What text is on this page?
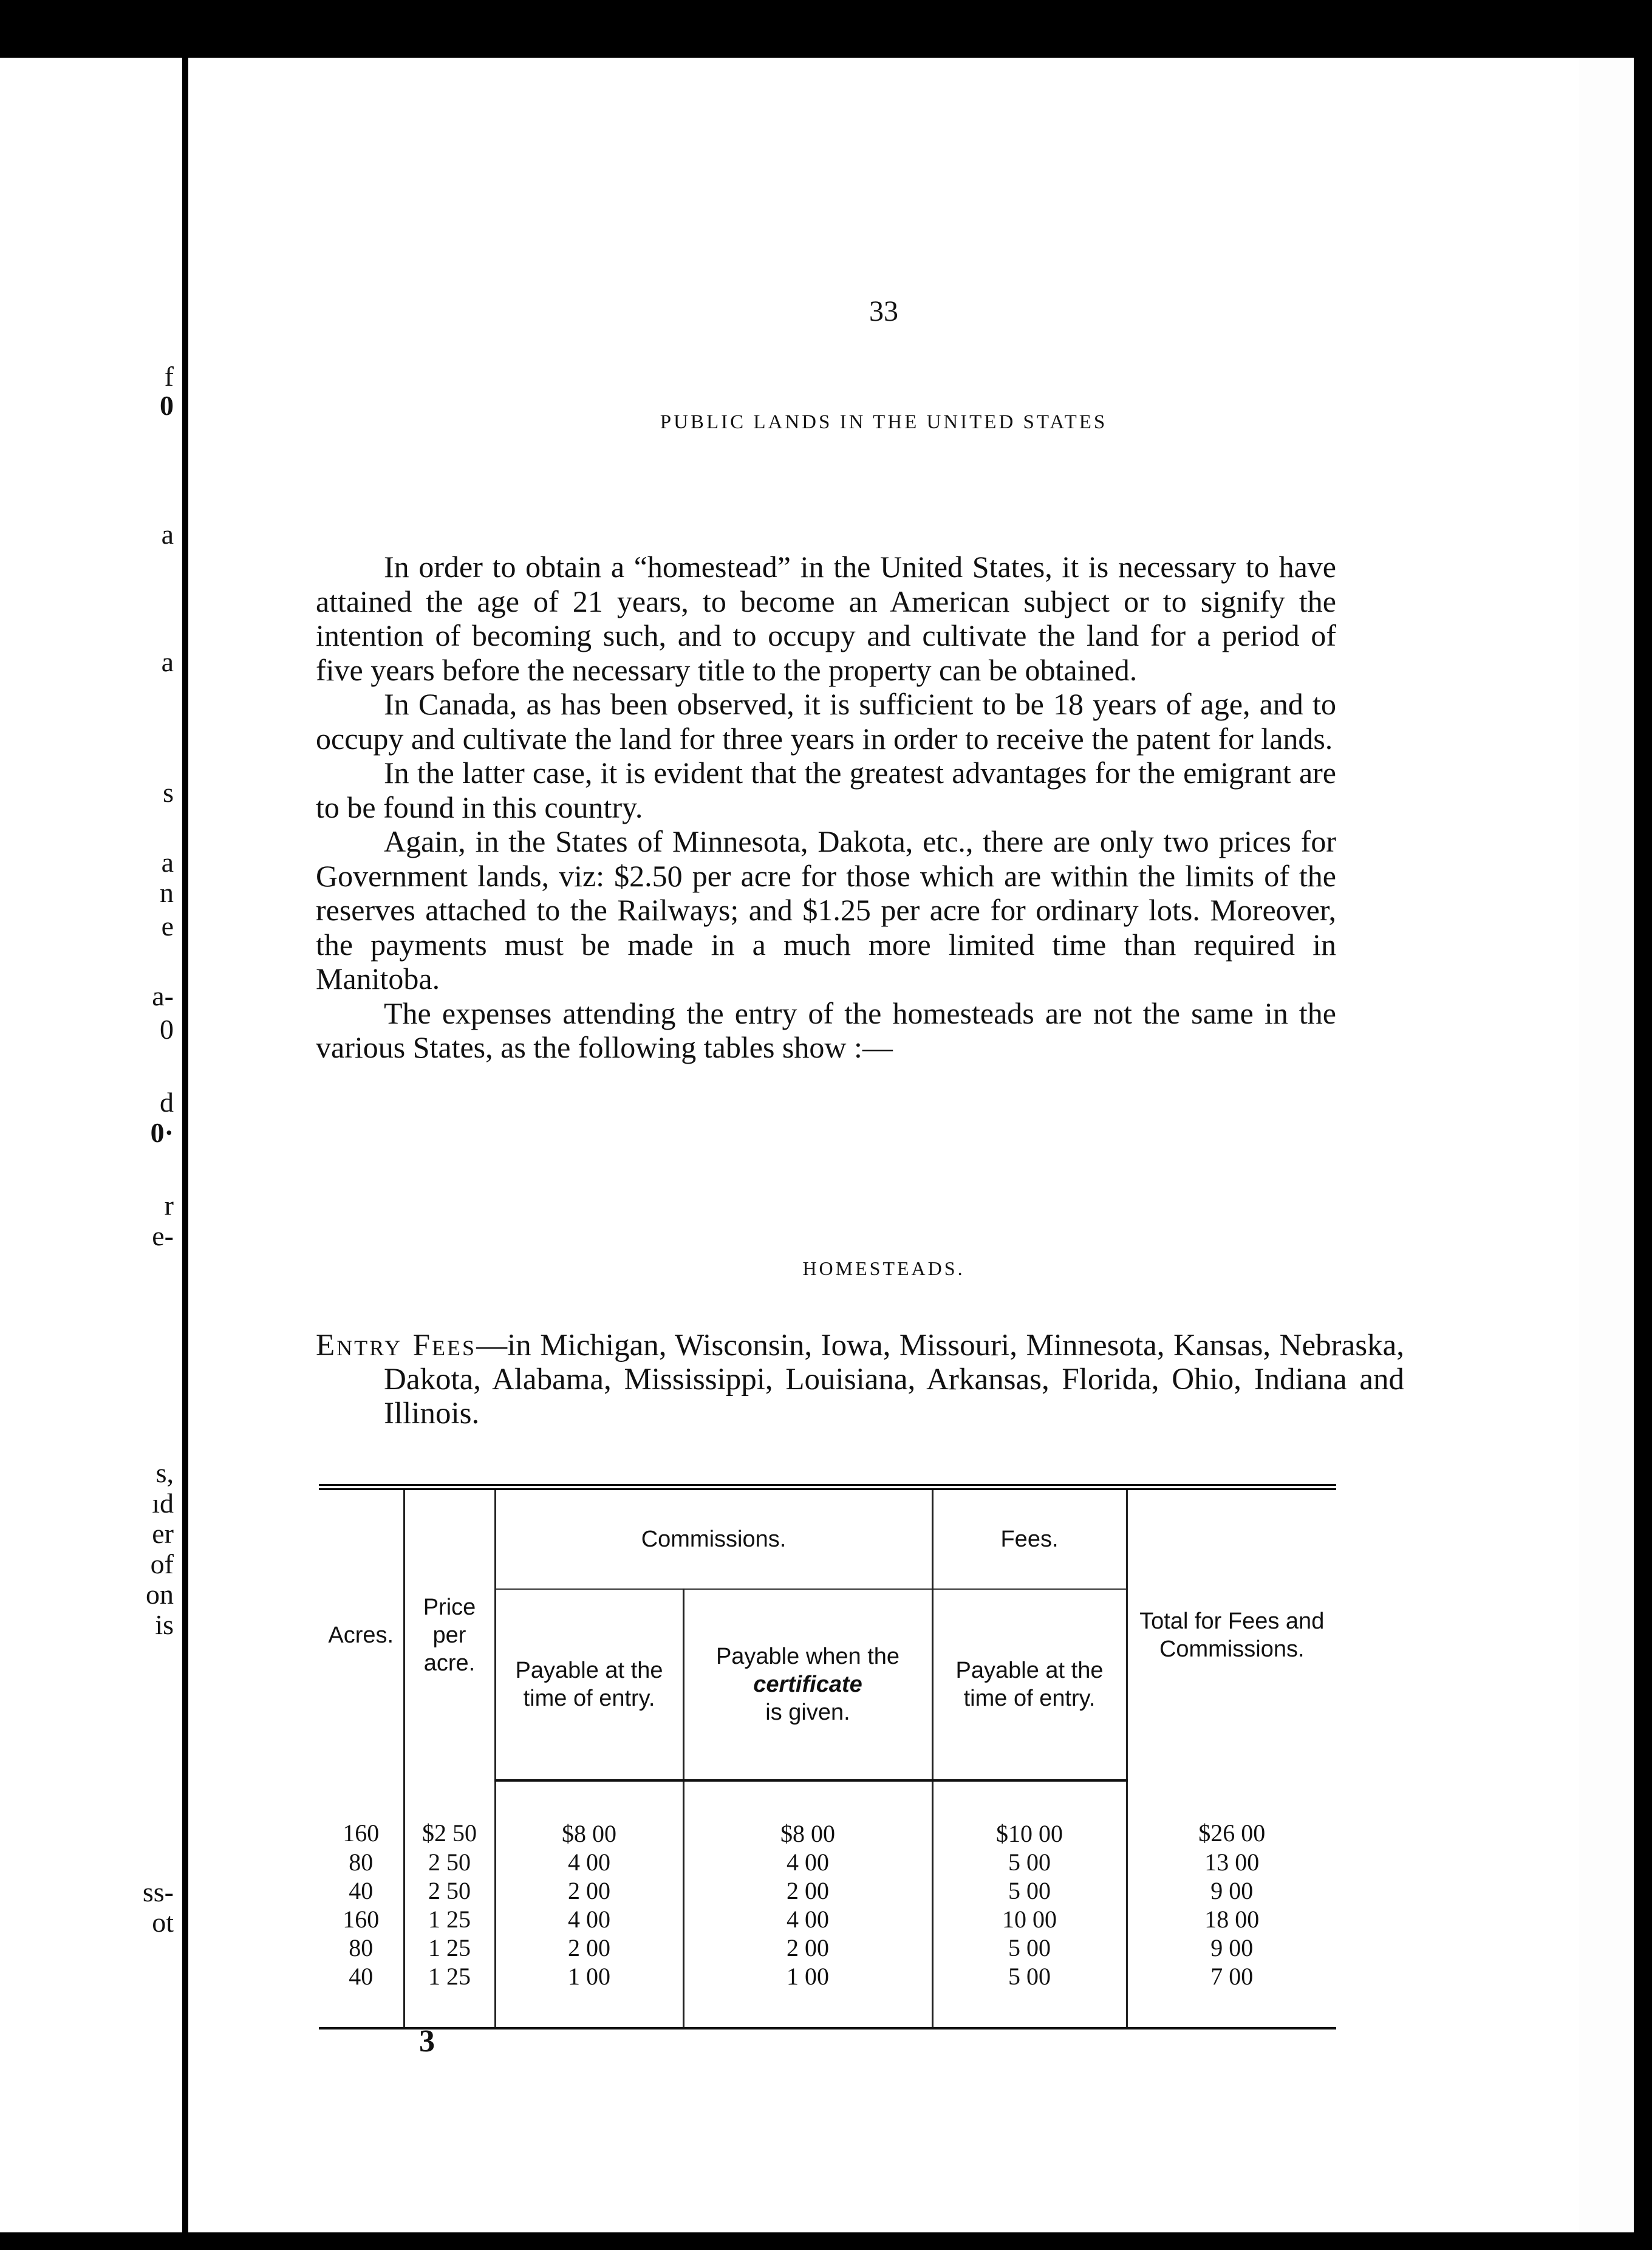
f
0
a
a
s
a
n
e
a-
0
d
0·
r
e-
s,
ıd
er
of
on
is
ss-
ot
33
PUBLIC LANDS IN THE UNITED STATES

In order to obtain a “homestead” in the United States, it is necessary to have attained the age of 21 years, to become an American subject or to signify the intention of becoming such, and to occupy and cultivate the land for a period of five years before the necessary title to the property can be obtained.

In Canada, as has been observed, it is sufficient to be 18 years of age, and to occupy and cultivate the land for three years in order to receive the patent for lands.

In the latter case, it is evident that the greatest advantages for the emigrant are to be found in this country.

Again, in the States of Minnesota, Dakota, etc., there are only two prices for Government lands, viz: $2.50 per acre for those which are within the limits of the reserves attached to the Railways; and $1.25 per acre for ordinary lots. Moreover, the payments must be made in a much more limited time than required in Manitoba.

The expenses attending the entry of the homesteads are not the same in the various States, as the following tables show :—

HOMESTEADS.

Entry Fees—in Michigan, Wisconsin, Iowa, Missouri, Minnesota, Kansas, Nebraska, Dakota, Alabama, Mississippi, Louisiana, Arkansas, Florida, Ohio, Indiana and Illinois.

Acres.	Price per acre.	Commissions.		Fees.	Total for Fees and Commissions.
		Payable at the time of entry.	Payable when the
certificate
is given.	Payable at the time of entry.	
160	$2 50	$8 00	$8 00	$10 00	$26 00
80	2 50	4 00	4 00	5 00	13 00
40	2 50	2 00	2 00	5 00	9 00
160	1 25	4 00	4 00	10 00	18 00
80	1 25	2 00	2 00	5 00	9 00
40	1 25	1 00	1 00	5 00	7 00
3
